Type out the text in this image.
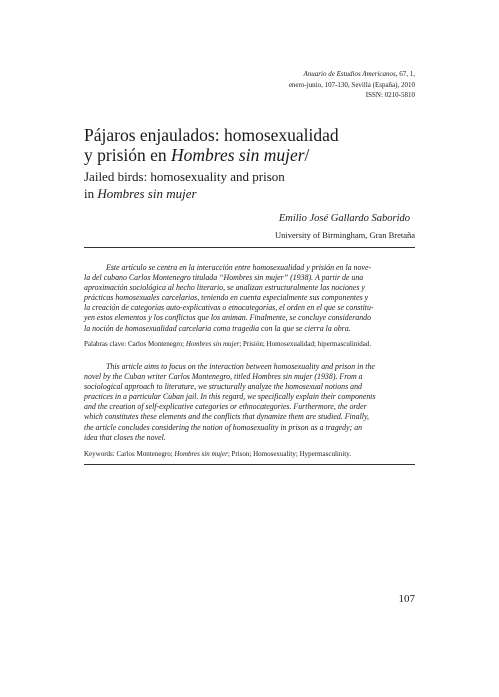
Anuario de Estudios Americanos, 67, 1,
enero-junio, 107-130, Sevilla (España), 2010
ISSN: 0210-5810
Pájaros enjaulados: homosexualidad
y prisión en Hombres sin mujer/
Jailed birds: homosexuality and prison
in Hombres sin mujer
Emilio José Gallardo Saborido
University of Birmingham, Gran Bretaña
Este artículo se centra en la interacción entre homosexualidad y prisión en la nove-
la del cubano Carlos Montenegro titulada “Hombres sin mujer” (1938). A partir de una
aproximación sociológica al hecho literario, se analizan estructuralmente las nociones y
prácticas homosexuales carcelarias, teniendo en cuenta especialmente sus componentes y
la creación de categorías auto-explicativas o etnocategorías, el orden en el que se constitu-
yen estos elementos y los conflictos que los animan. Finalmente, se concluye considerando
la noción de homosexualidad carcelaria como tragedia con la que se cierra la obra.
Palabras clave: Carlos Montenegro; Hombres sin mujer; Prisión; Homosexualidad; hipermasculinidad.
This article aims to focus on the interaction between homosexuality and prison in the
novel by the Cuban writer Carlos Montenegro, titled Hombres sin mujer (1938). From a
sociological approach to literature, we structurally analyze the homosexual notions and
practices in a particular Cuban jail. In this regard, we specifically explain their components
and the creation of self-explicative categories or ethnocategories. Furthermore, the order
which constitutes these elements and the conflicts that dynamize them are studied. Finally,
the article concludes considering the notion of homosexuality in prison as a tragedy; an
idea that closes the novel.
Keywords: Carlos Montenegro; Hombres sin mujer; Prison; Homosexuality; Hypermasculinity.
107
